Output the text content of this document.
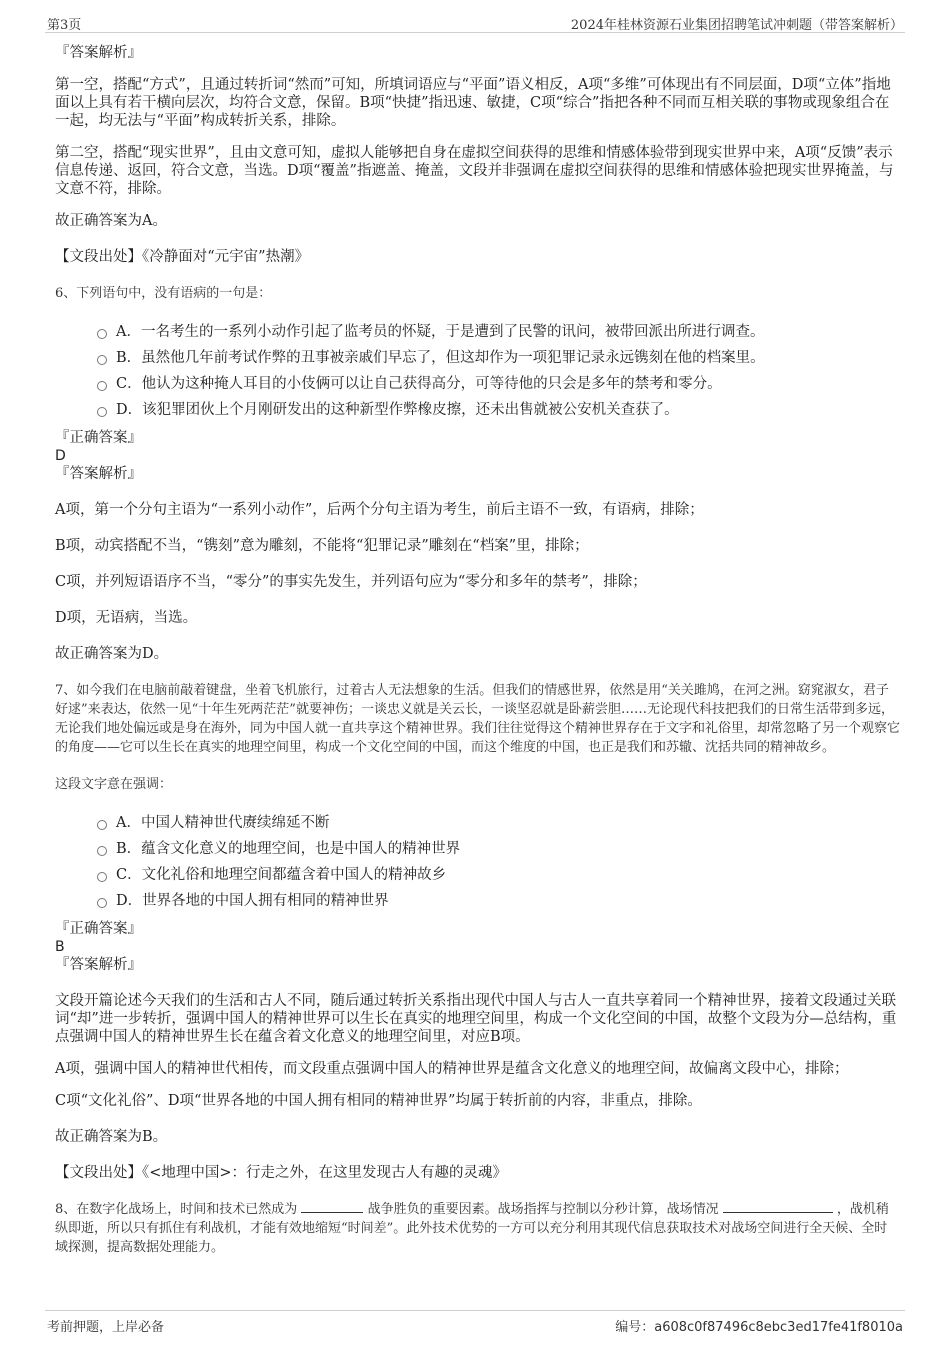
第3页	2024年桂林资源石业集团招聘笔试冲刺题（带答案解析）

『答案解析』

第一空，搭配“方式”，且通过转折词“然而”可知，所填词语应与“平面”语义相反，A项“多维”可体现出有不同层面，D项“立体”指地面以上具有若干横向层次，均符合文意，保留。B项“快捷”指迅速、敏捷，C项“综合”指把各种不同而互相关联的事物或现象组合在一起，均无法与“平面”构成转折关系，排除。

第二空，搭配“现实世界”，且由文意可知，虚拟人能够把自身在虚拟空间获得的思维和情感体验带到现实世界中来，A项“反馈”表示信息传递、返回，符合文意，当选。D项“覆盖”指遮盖、掩盖，文段并非强调在虚拟空间获得的思维和情感体验把现实世界掩盖，与文意不符，排除。

故正确答案为A。

【文段出处】《冷静面对“元宇宙”热潮》

6、下列语句中，没有语病的一句是：

A．一名考生的一系列小动作引起了监考员的怀疑，于是遭到了民警的讯问，被带回派出所进行调查。
B．虽然他几年前考试作弊的丑事被亲戚们早忘了，但这却作为一项犯罪记录永远镌刻在他的档案里。
C．他认为这种掩人耳目的小伎俩可以让自己获得高分，可等待他的只会是多年的禁考和零分。
D．该犯罪团伙上个月刚研发出的这种新型作弊橡皮擦，还未出售就被公安机关查获了。

『正确答案』

D

『答案解析』

A项，第一个分句主语为“一系列小动作”，后两个分句主语为考生，前后主语不一致，有语病，排除；

B项，动宾搭配不当，“镌刻”意为雕刻，不能将“犯罪记录”雕刻在“档案”里，排除；

C项，并列短语语序不当，“零分”的事实先发生，并列语句应为“零分和多年的禁考”，排除；

D项，无语病，当选。

故正确答案为D。

7、如今我们在电脑前敲着键盘，坐着飞机旅行，过着古人无法想象的生活。但我们的情感世界，依然是用“关关雎鸠，在河之洲。窈窕淑女，君子好逑”来表达，依然一见“十年生死两茫茫”就要神伤；一谈忠义就是关云长，一谈坚忍就是卧薪尝胆……无论现代科技把我们的日常生活带到多远，无论我们地处偏远或是身在海外，同为中国人就一直共享这个精神世界。我们往往觉得这个精神世界存在于文字和礼俗里，却常忽略了另一个观察它的角度——它可以生长在真实的地理空间里，构成一个文化空间的中国，而这个维度的中国，也正是我们和苏辙、沈括共同的精神故乡。

这段文字意在强调：

A．中国人精神世代赓续绵延不断
B．蕴含文化意义的地理空间，也是中国人的精神世界
C．文化礼俗和地理空间都蕴含着中国人的精神故乡
D．世界各地的中国人拥有相同的精神世界

『正确答案』

B

『答案解析』

文段开篇论述今天我们的生活和古人不同，随后通过转折关系指出现代中国人与古人一直共享着同一个精神世界，接着文段通过关联词“却”进一步转折，强调中国人的精神世界可以生长在真实的地理空间里，构成一个文化空间的中国，故整个文段为分—总结构，重点强调中国人的精神世界生长在蕴含着文化意义的地理空间里，对应B项。

A项，强调中国人的精神世代相传，而文段重点强调中国人的精神世界是蕴含文化意义的地理空间，故偏离文段中心，排除；

C项“文化礼俗”、D项“世界各地的中国人拥有相同的精神世界”均属于转折前的内容，非重点，排除。

故正确答案为B。

【文段出处】《<地理中国>：行走之外，在这里发现古人有趣的灵魂》

8、在数字化战场上，时间和技术已然成为	战争胜负的重要因素。战场指挥与控制以分秒计算，战场情况	，战机稍纵即逝，所以只有抓住有利战机，才能有效地缩短“时间差”。此外技术优势的一方可以充分利用其现代信息获取技术对战场空间进行全天候、全时域探测，提高数据处理能力。

考前押题，上岸必备	编号：a608c0f87496c8ebc3ed17fe41f8010a
